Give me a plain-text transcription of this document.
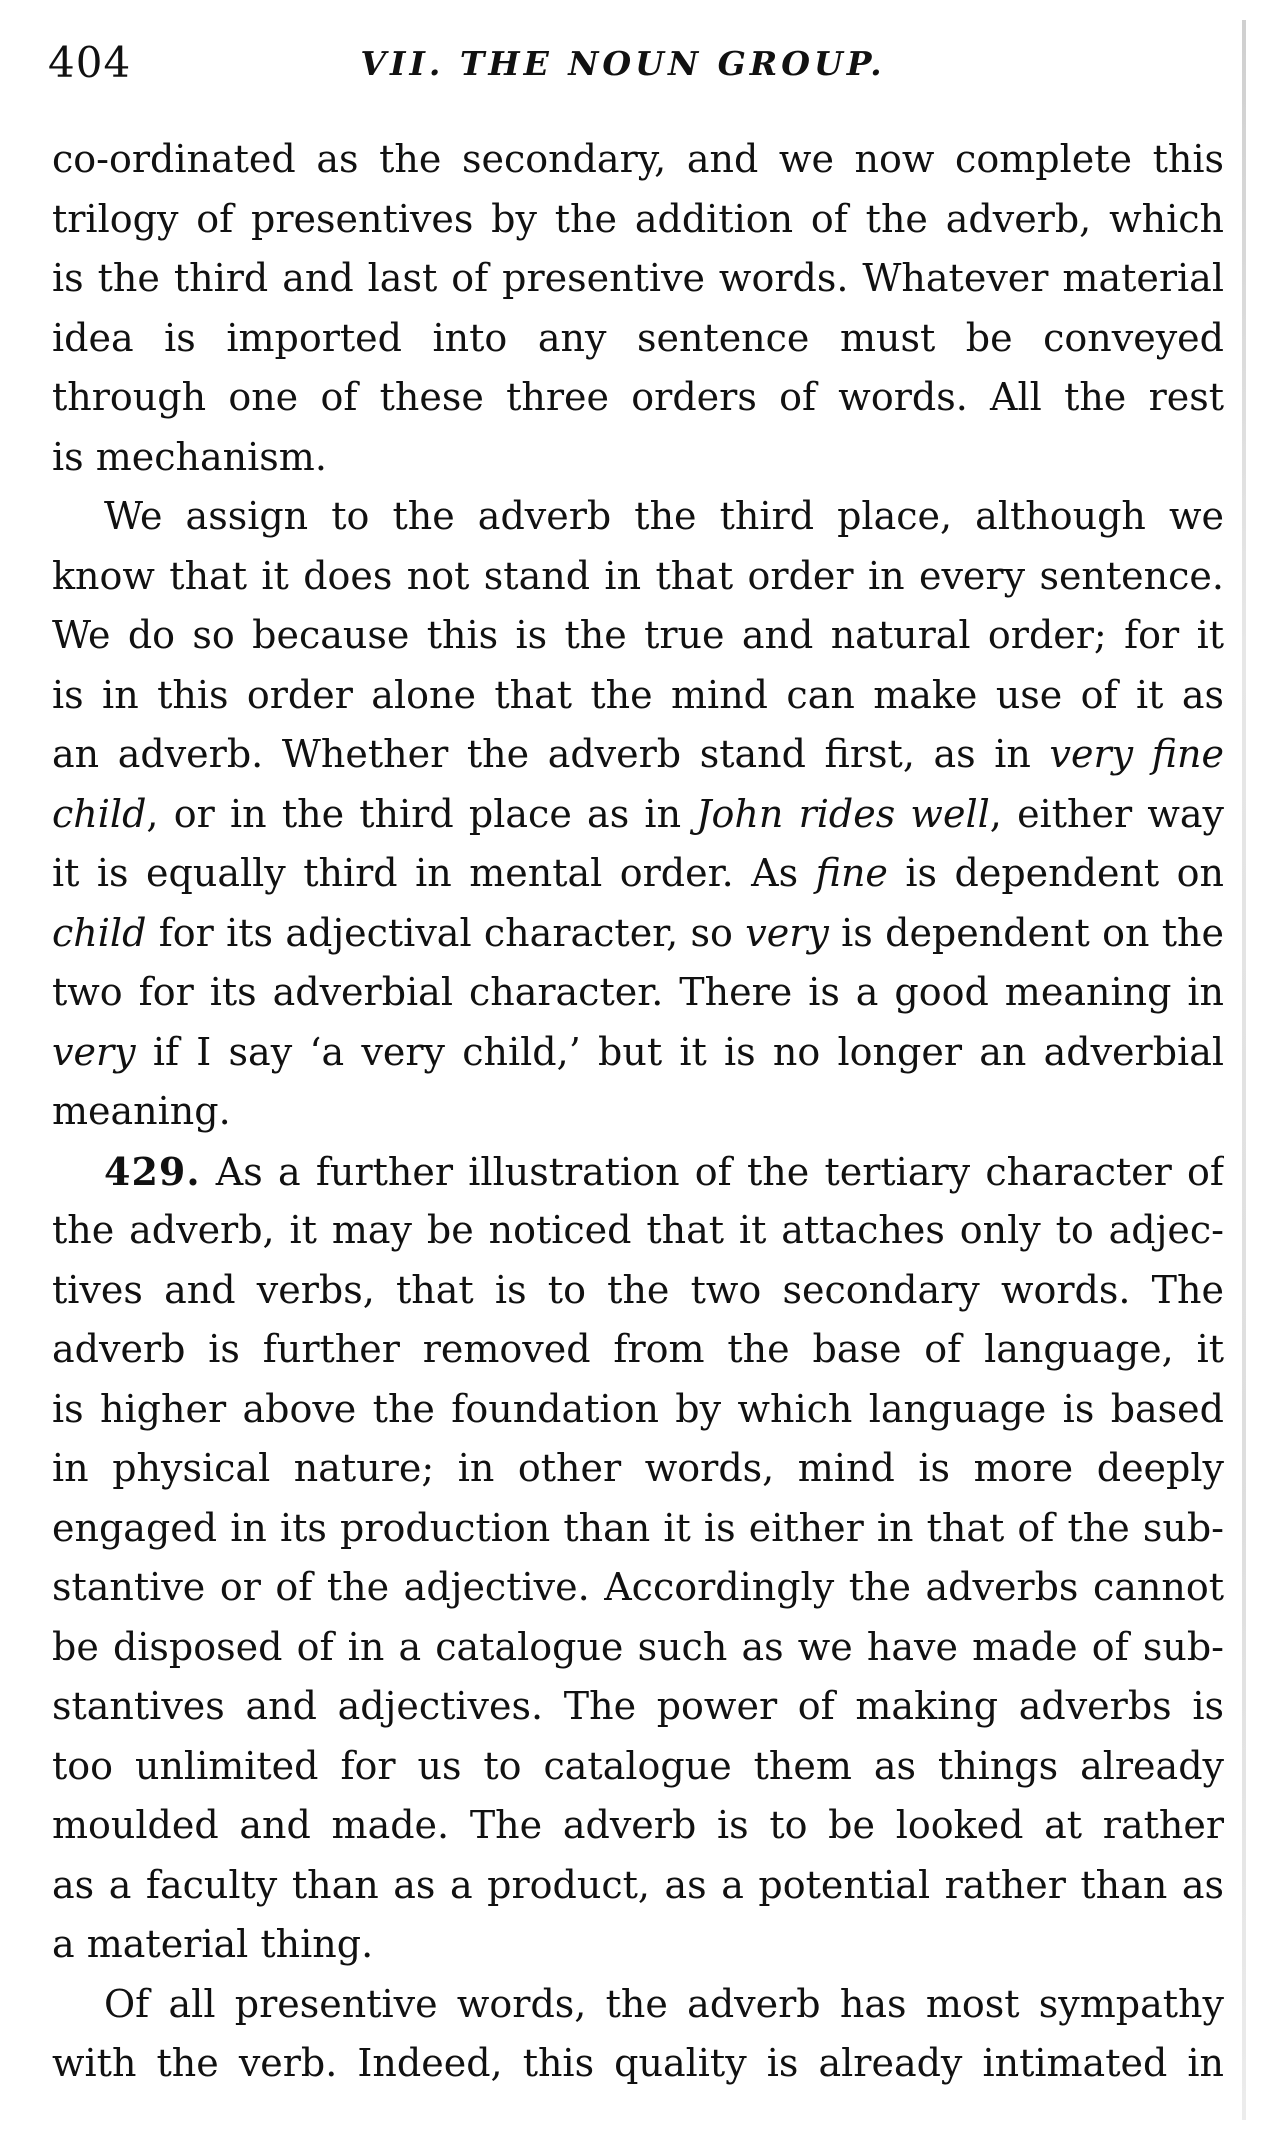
404	VII. THE NOUN GROUP.
co-ordinated as the secondary, and we now complete this
trilogy of presentives by the addition of the adverb, which
is the third and last of presentive words. Whatever material
idea is imported into any sentence must be conveyed
through one of these three orders of words. All the rest
is mechanism.
We assign to the adverb the third place, although we
know that it does not stand in that order in every sentence.
We do so because this is the true and natural order; for it
is in this order alone that the mind can make use of it as
an adverb. Whether the adverb stand first, as in very fine
child, or in the third place as in John rides well, either way
it is equally third in mental order. As fine is dependent on
child for its adjectival character, so very is dependent on the
two for its adverbial character. There is a good meaning in
very if I say ‘a very child,’ but it is no longer an adverbial
meaning.
429. As a further illustration of the tertiary character of
the adverb, it may be noticed that it attaches only to adjec-
tives and verbs, that is to the two secondary words. The
adverb is further removed from the base of language, it
is higher above the foundation by which language is based
in physical nature; in other words, mind is more deeply
engaged in its production than it is either in that of the sub-
stantive or of the adjective. Accordingly the adverbs cannot
be disposed of in a catalogue such as we have made of sub-
stantives and adjectives. The power of making adverbs is
too unlimited for us to catalogue them as things already
moulded and made. The adverb is to be looked at rather
as a faculty than as a product, as a potential rather than as
a material thing.
Of all presentive words, the adverb has most sympathy
with the verb. Indeed, this quality is already intimated in
